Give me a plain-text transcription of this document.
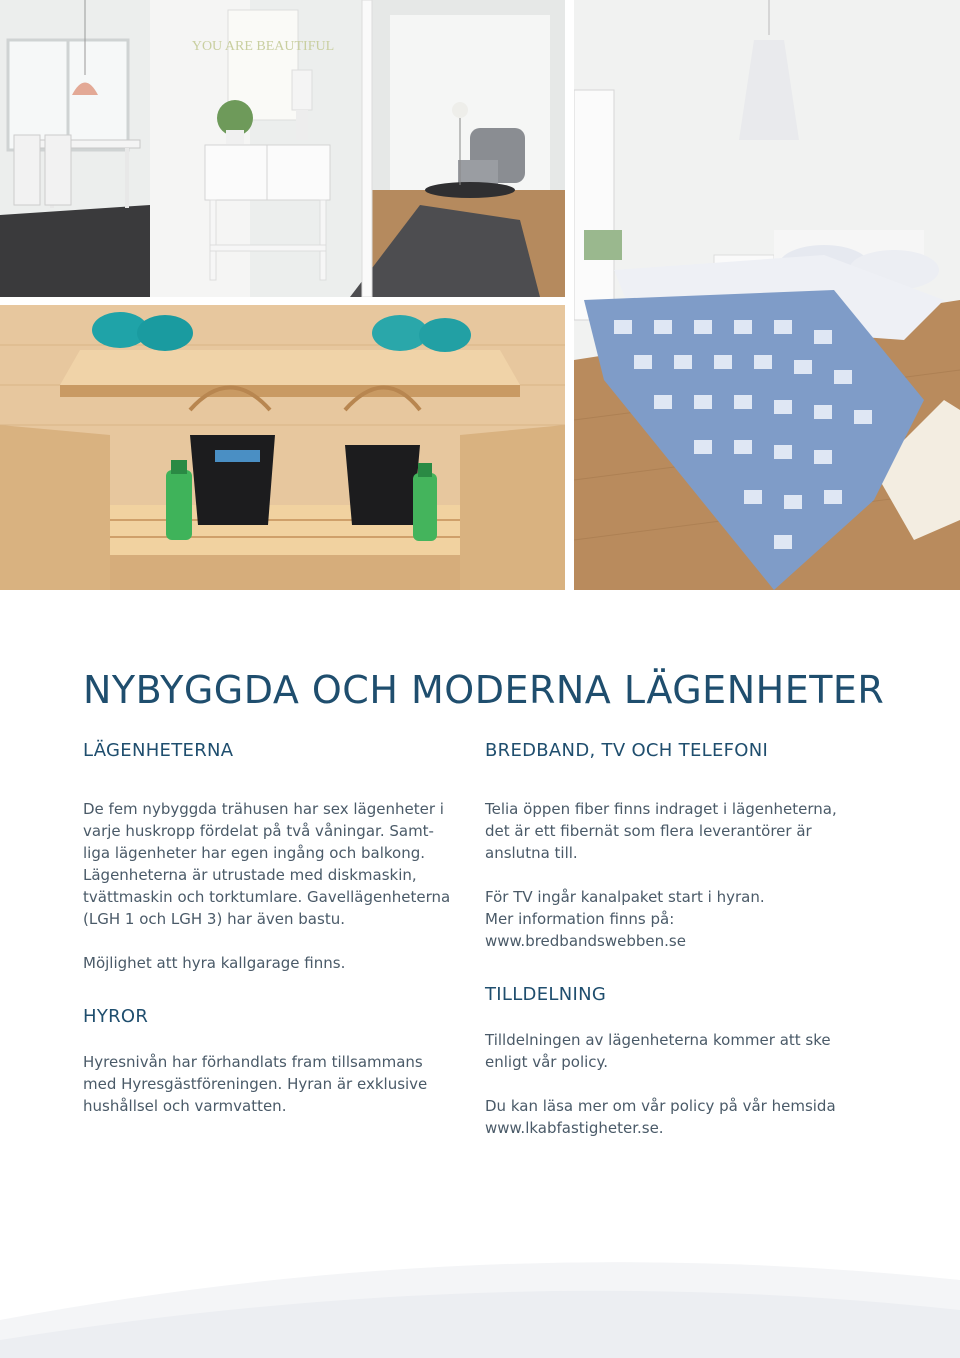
YOU ARE BEAUTIFUL
NYBYGGDA OCH MODERNA LÄGENHETER
LÄGENHETERNA

De fem nybyggda trähusen har sex lägenheter i
varje huskropp fördelat på två våningar. Samt-
liga lägenheter har egen ingång och balkong.
Lägenheterna är utrustade med diskmaskin,
tvättmaskin och torktumlare. Gavellägenheterna
(LGH 1 och LGH 3) har även bastu.

Möjlighet att hyra kallgarage finns.

HYROR

Hyresnivån har förhandlats fram tillsammans
med Hyresgästföreningen. Hyran är exklusive
hushållsel och varmvatten.

BREDBAND, TV OCH TELEFONI

Telia öppen fiber finns indraget i lägenheterna,
det är ett fibernät som flera leverantörer är
anslutna till.

För TV ingår kanalpaket start i hyran.
Mer information finns på:
www.bredbandswebben.se

TILLDELNING

Tilldelningen av lägenheterna kommer att ske
enligt vår policy.

Du kan läsa mer om vår policy på vår hemsida
www.lkabfastigheter.se.
